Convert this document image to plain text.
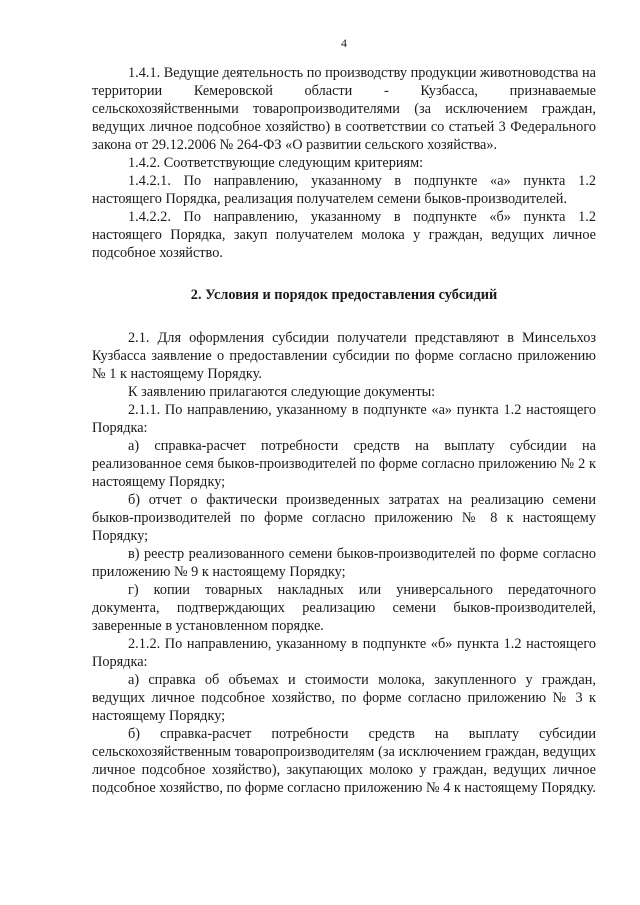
4

1.4.1. Ведущие деятельность по производству продукции животноводства на территории Кемеровской области - Кузбасса, признаваемые сельскохозяйственными товаропроизводителями (за исключением граждан, ведущих личное подсобное хозяйство) в соответствии со статьей 3 Федерального закона от 29.12.2006 № 264-ФЗ «О развитии сельского хозяйства».

1.4.2. Соответствующие следующим критериям:

1.4.2.1. По направлению, указанному в подпункте «а» пункта 1.2 настоящего Порядка, реализация получателем семени быков-производителей.

1.4.2.2. По направлению, указанному в подпункте «б» пункта 1.2 настоящего Порядка, закуп получателем молока у граждан, ведущих личное подсобное хозяйство.

2. Условия и порядок предоставления субсидий

2.1. Для оформления субсидии получатели представляют в Минсельхоз Кузбасса заявление о предоставлении субсидии по форме согласно приложению № 1 к настоящему Порядку.

К заявлению прилагаются следующие документы:

2.1.1. По направлению, указанному в подпункте «а» пункта 1.2 настоящего Порядка:

а) справка-расчет потребности средств на выплату субсидии на реализованное семя быков-производителей по форме согласно приложению № 2 к настоящему Порядку;

б) отчет о фактически произведенных затратах на реализацию семени быков-производителей по форме согласно приложению № 8 к настоящему Порядку;

в) реестр реализованного семени быков-производителей по форме согласно приложению № 9 к настоящему Порядку;

г) копии товарных накладных или универсального передаточного документа, подтверждающих реализацию семени быков-производителей, заверенные в установленном порядке.

2.1.2. По направлению, указанному в подпункте «б» пункта 1.2 настоящего Порядка:

а) справка об объемах и стоимости молока, закупленного у граждан, ведущих личное подсобное хозяйство, по форме согласно приложению № 3 к настоящему Порядку;

б) справка-расчет потребности средств на выплату субсидии сельскохозяйственным товаропроизводителям (за исключением граждан, ведущих личное подсобное хозяйство), закупающих молоко у граждан, ведущих личное подсобное хозяйство, по форме согласно приложению № 4 к настоящему Порядку.
